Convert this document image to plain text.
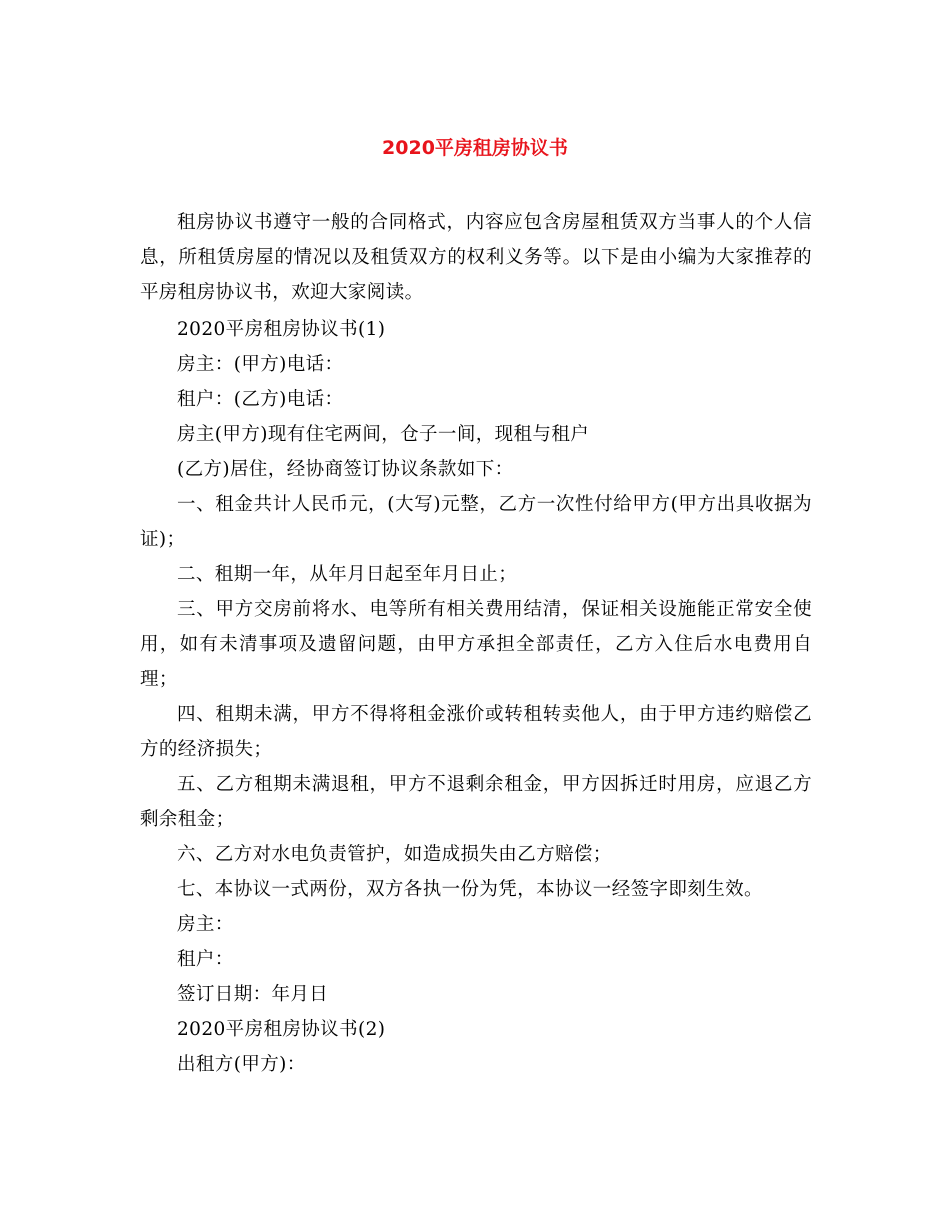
2020平房租房协议书

租房协议书遵守一般的合同格式，内容应包含房屋租赁双方当事人的个人信息，所租赁房屋的情况以及租赁双方的权利义务等。以下是由小编为大家推荐的平房租房协议书，欢迎大家阅读。

2020平房租房协议书(1)

房主：(甲方)电话：

租户：(乙方)电话：

房主(甲方)现有住宅两间，仓子一间，现租与租户

(乙方)居住，经协商签订协议条款如下：

一、租金共计人民币元，(大写)元整，乙方一次性付给甲方(甲方出具收据为证)；

二、租期一年，从年月日起至年月日止；

三、甲方交房前将水、电等所有相关费用结清，保证相关设施能正常安全使用，如有未清事项及遗留问题，由甲方承担全部责任，乙方入住后水电费用自理；

四、租期未满，甲方不得将租金涨价或转租转卖他人，由于甲方违约赔偿乙方的经济损失；

五、乙方租期未满退租，甲方不退剩余租金，甲方因拆迁时用房，应退乙方剩余租金；

六、乙方对水电负责管护，如造成损失由乙方赔偿；

七、本协议一式两份，双方各执一份为凭，本协议一经签字即刻生效。

房主：

租户：

签订日期：年月日

2020平房租房协议书(2)

出租方(甲方)：
